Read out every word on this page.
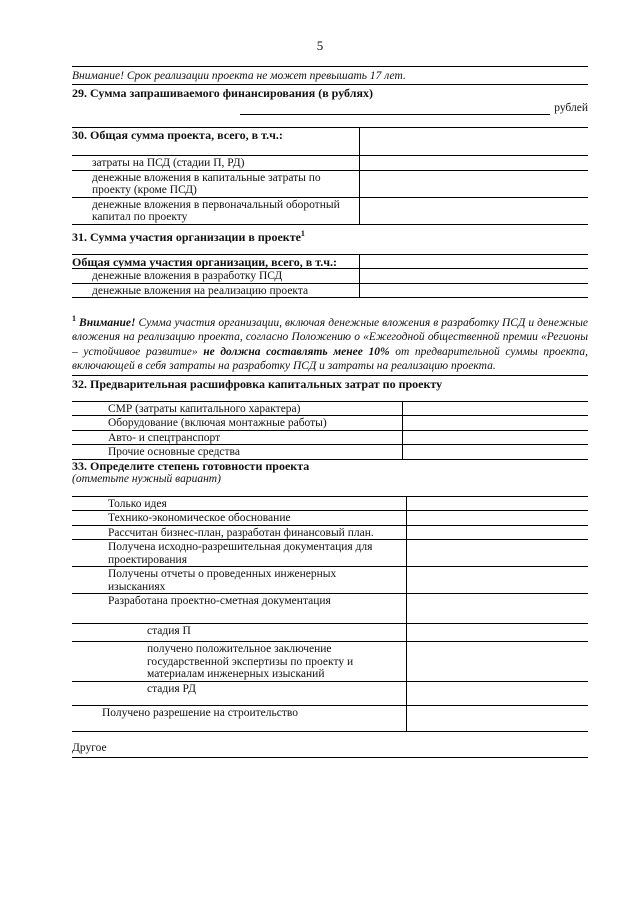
5
Внимание! Срок реализации проекта не может превышать 17 лет.
29. Сумма запрашиваемого финансирования (в рублях)
рублей
30. Общая сумма проекта, всего, в т.ч.:	
затраты на ПСД (стадии П, РД)	
денежные вложения в капитальные затраты по проекту (кроме ПСД)	
денежные вложения в первоначальный оборотный капитал по проекту	
31. Сумма участия организации в проекте$^1$
Общая сумма участия организации, всего, в т.ч.:	
денежные вложения в разработку ПСД	
денежные вложения на реализацию проекта	
$^1$ Внимание! Сумма участия организации, включая денежные вложения в разработку ПСД и денежные вложения на реализацию проекта, согласно Положению о «Ежегодной общественной премии «Регионы – устойчивое развитие» не должна составлять менее 10% от предварительной суммы проекта, включающей в себя затраты на разработку ПСД и затраты на реализацию проекта.
32. Предварительная расшифровка капитальных затрат по проекту
СМР (затраты капитального характера)	
Оборудование (включая монтажные работы)	
Авто- и спецтранспорт	
Прочие основные средства	
33. Определите степень готовности проекта
(отметьте нужный вариант)
Только идея	
Технико-экономическое обоснование	
Рассчитан бизнес-план, разработан финансовый план.	
Получена исходно-разрешительная документация для проектирования	
Получены отчеты о проведенных инженерных изысканиях	
Разработана проектно-сметная документация	
стадия П	
получено положительное заключение государственной экспертизы по проекту и материалам инженерных изысканий	
стадия РД	
Получено разрешение на строительство	
Другое
